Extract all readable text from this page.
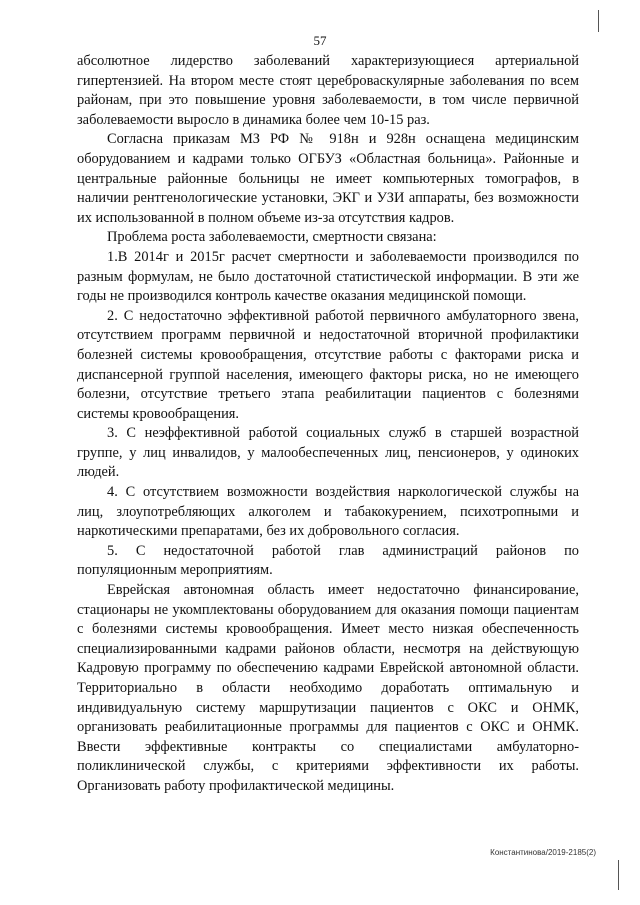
57

абсолютное лидерство заболеваний характеризующиеся артериальной гипертензией. На втором месте стоят цереброваскулярные заболевания по всем районам, при это повышение уровня заболеваемости, в том числе первичной заболеваемости выросло в динамика более чем 10-15 раз.

Согласна приказам МЗ РФ № 918н и 928н оснащена медицинским оборудованием и кадрами только ОГБУЗ «Областная больница». Районные и центральные районные больницы не имеет компьютерных томографов, в наличии рентгенологические установки, ЭКГ и УЗИ аппараты, без возможности их использованной в полном объеме из-за отсутствия кадров.

Проблема роста заболеваемости, смертности связана:

1.В 2014г и 2015г расчет смертности и заболеваемости производился по разным формулам, не было достаточной статистической информации. В эти же годы не производился контроль качестве оказания медицинской помощи.

2. С недостаточно эффективной работой первичного амбулаторного звена, отсутствием программ первичной и недостаточной вторичной профилактики болезней системы кровообращения, отсутствие работы с факторами риска и диспансерной группой населения, имеющего факторы риска, но не имеющего болезни, отсутствие третьего этапа реабилитации пациентов с болезнями системы кровообращения.

3. С неэффективной работой социальных служб в старшей возрастной группе, у лиц инвалидов, у малообеспеченных лиц, пенсионеров, у одиноких людей.

4. С отсутствием возможности воздействия наркологической службы на лиц, злоупотребляющих алкоголем и табакокурением, психотропными и наркотическими препаратами, без их добровольного согласия.

5. С недостаточной работой глав администраций районов по популяционным мероприятиям.

Еврейская автономная область имеет недостаточно финансирование, стационары не укомплектованы оборудованием для оказания помощи пациентам с болезнями системы кровообращения. Имеет место низкая обеспеченность специализированными кадрами районов области, несмотря на действующую Кадровую программу по обеспечению кадрами Еврейской автономной области. Территориально в области необходимо доработать оптимальную и индивидуальную систему маршрутизации пациентов с ОКС и ОНМК, организовать реабилитационные программы для пациентов с ОКС и ОНМК. Ввести эффективные контракты со специалистами амбулаторно-поликлинической службы, с критериями эффективности их работы. Организовать работу профилактической медицины.

Константинова/2019-2185(2)
